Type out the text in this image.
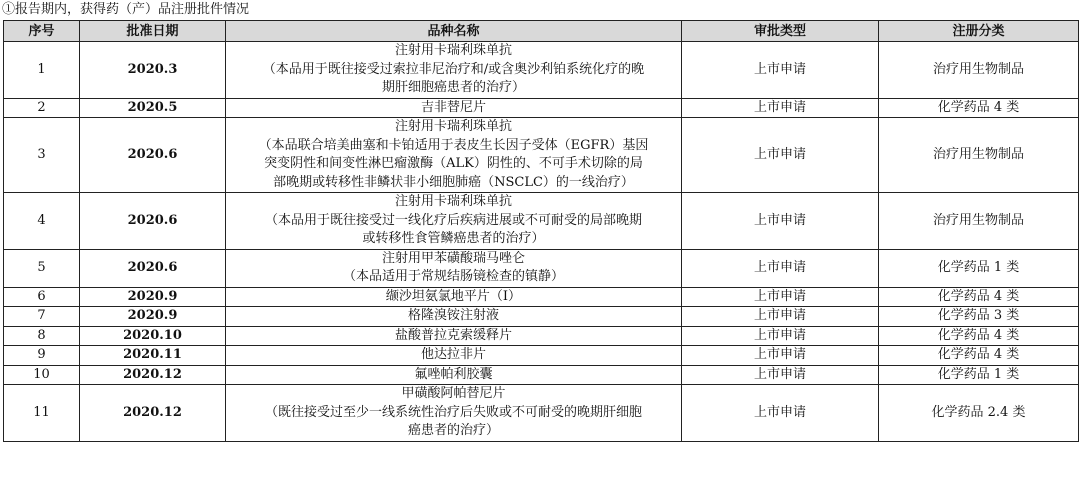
①报告期内，获得药（产）品注册批件情况
序号	批准日期	品种名称	审批类型	注册分类
1	2020.3	注射用卡瑞利珠单抗
（本品用于既往接受过索拉非尼治疗和/或含奥沙利铂系统化疗的晚
期肝细胞癌患者的治疗）	上市申请	治疗用生物制品
2	2020.5	吉非替尼片	上市申请	化学药品 4 类
3	2020.6	注射用卡瑞利珠单抗
（本品联合培美曲塞和卡铂适用于表皮生长因子受体（EGFR）基因
突变阴性和间变性淋巴瘤激酶（ALK）阴性的、不可手术切除的局
部晚期或转移性非鳞状非小细胞肺癌（NSCLC）的一线治疗）	上市申请	治疗用生物制品
4	2020.6	注射用卡瑞利珠单抗
（本品用于既往接受过一线化疗后疾病进展或不可耐受的局部晚期
或转移性食管鳞癌患者的治疗）	上市申请	治疗用生物制品
5	2020.6	注射用甲苯磺酸瑞马唑仑
（本品适用于常规结肠镜检查的镇静）	上市申请	化学药品 1 类
6	2020.9	缬沙坦氨氯地平片（I）	上市申请	化学药品 4 类
7	2020.9	格隆溴铵注射液	上市申请	化学药品 3 类
8	2020.10	盐酸普拉克索缓释片	上市申请	化学药品 4 类
9	2020.11	他达拉非片	上市申请	化学药品 4 类
10	2020.12	氟唑帕利胶囊	上市申请	化学药品 1 类
11	2020.12	甲磺酸阿帕替尼片
（既往接受过至少一线系统性治疗后失败或不可耐受的晚期肝细胞
癌患者的治疗）	上市申请	化学药品 2.4 类
